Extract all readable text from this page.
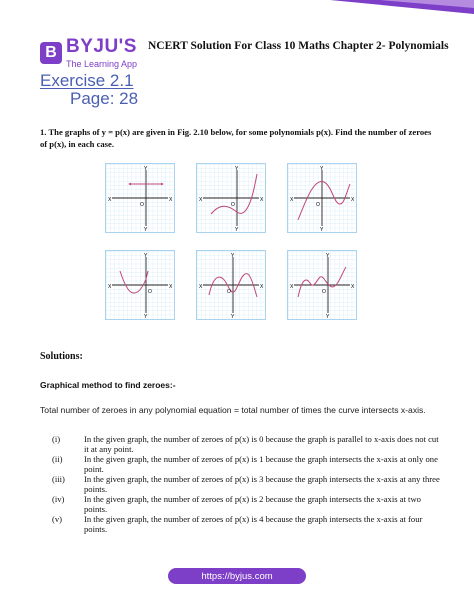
B BYJU'S
The Learning App
NCERT Solution For Class 10 Maths Chapter 2- Polynomials
Exercise 2.1
Page: 28
1. The graphs of y = p(x) are given in Fig. 2.10 below, for some polynomials p(x). Find the number of zeroes of p(x), in each case.
X	X
Y
Y
O
X	X
Y
Y
O
X	X
Y
Y
O
X	X
Y
Y
O
X	X
Y
Y
O
X	X
Y
Y
O
Solutions:
Graphical method to find zeroes:-
Total number of zeroes in any polynomial equation = total number of times the curve intersects x-axis.
(i)	In the given graph, the number of zeroes of p(x) is 0 because the graph is parallel to x-axis does not cut it at any point.
(ii)	In the given graph, the number of zeroes of p(x) is 1 because the graph intersects the x-axis at only one point.
(iii)	In the given graph, the number of zeroes of p(x) is 3 because the graph intersects the x-axis at any three points.
(iv)	In the given graph, the number of zeroes of p(x) is 2 because the graph intersects the x-axis at two points.
(v)	In the given graph, the number of zeroes of p(x) is 4 because the graph intersects the x-axis at four points.
https://byjus.com
